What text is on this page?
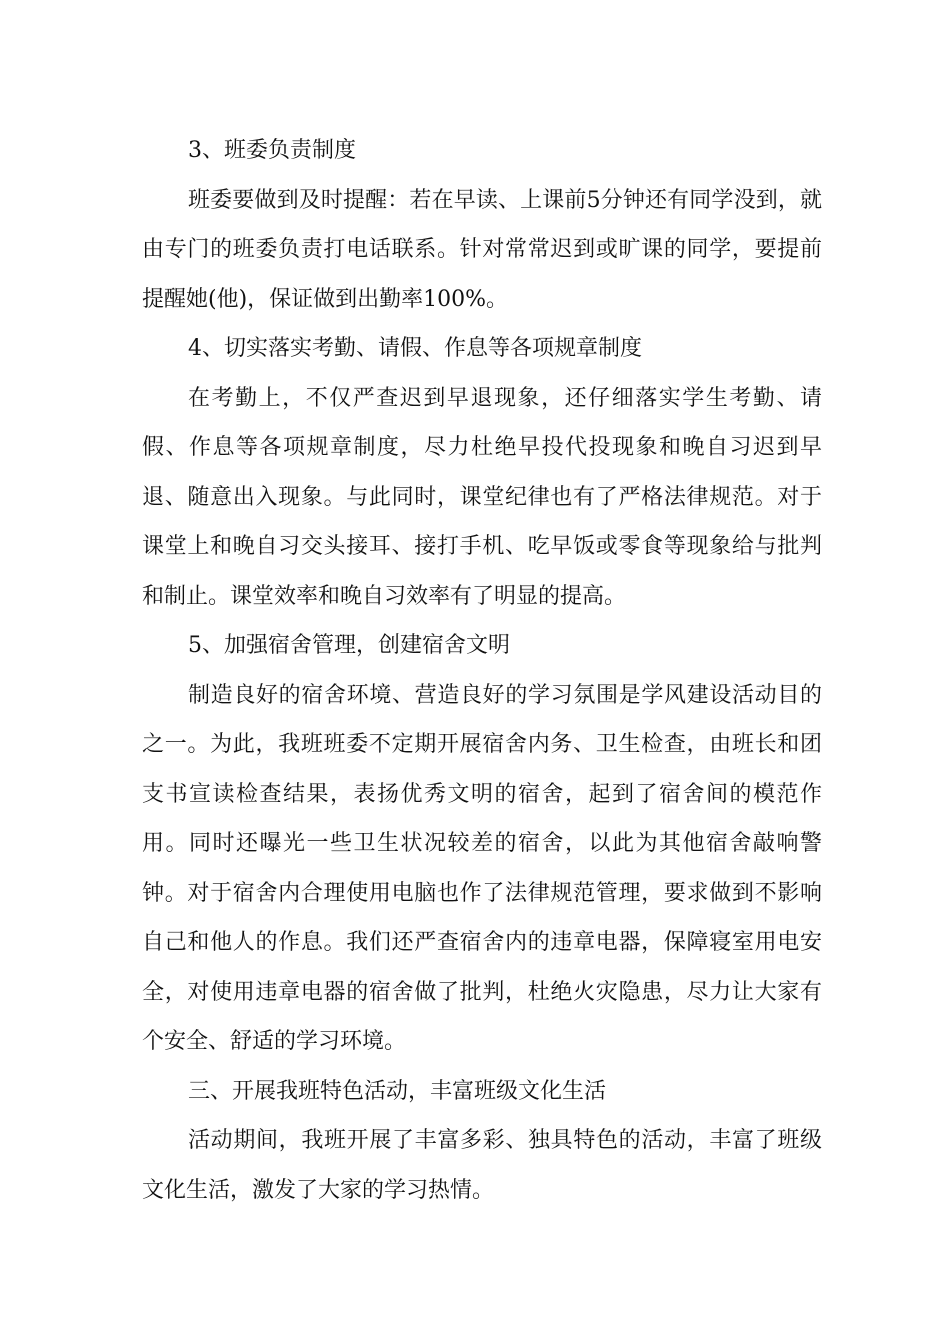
3、班委负责制度

班委要做到及时提醒：若在早读、上课前5分钟还有同学没到，就由专门的班委负责打电话联系。针对常常迟到或旷课的同学，要提前提醒她(他)，保证做到出勤率100%。

4、切实落实考勤、请假、作息等各项规章制度

在考勤上，不仅严查迟到早退现象，还仔细落实学生考勤、请假、作息等各项规章制度，尽力杜绝早投代投现象和晚自习迟到早退、随意出入现象。与此同时，课堂纪律也有了严格法律规范。对于课堂上和晚自习交头接耳、接打手机、吃早饭或零食等现象给与批判和制止。课堂效率和晚自习效率有了明显的提高。

5、加强宿舍管理，创建宿舍文明

制造良好的宿舍环境、营造良好的学习氛围是学风建设活动目的之一。为此，我班班委不定期开展宿舍内务、卫生检查，由班长和团支书宣读检查结果，表扬优秀文明的宿舍，起到了宿舍间的模范作用。同时还曝光一些卫生状况较差的宿舍，以此为其他宿舍敲响警钟。对于宿舍内合理使用电脑也作了法律规范管理，要求做到不影响自己和他人的作息。我们还严查宿舍内的违章电器，保障寝室用电安全，对使用违章电器的宿舍做了批判，杜绝火灾隐患，尽力让大家有个安全、舒适的学习环境。

三、开展我班特色活动，丰富班级文化生活

活动期间，我班开展了丰富多彩、独具特色的活动，丰富了班级文化生活，激发了大家的学习热情。
